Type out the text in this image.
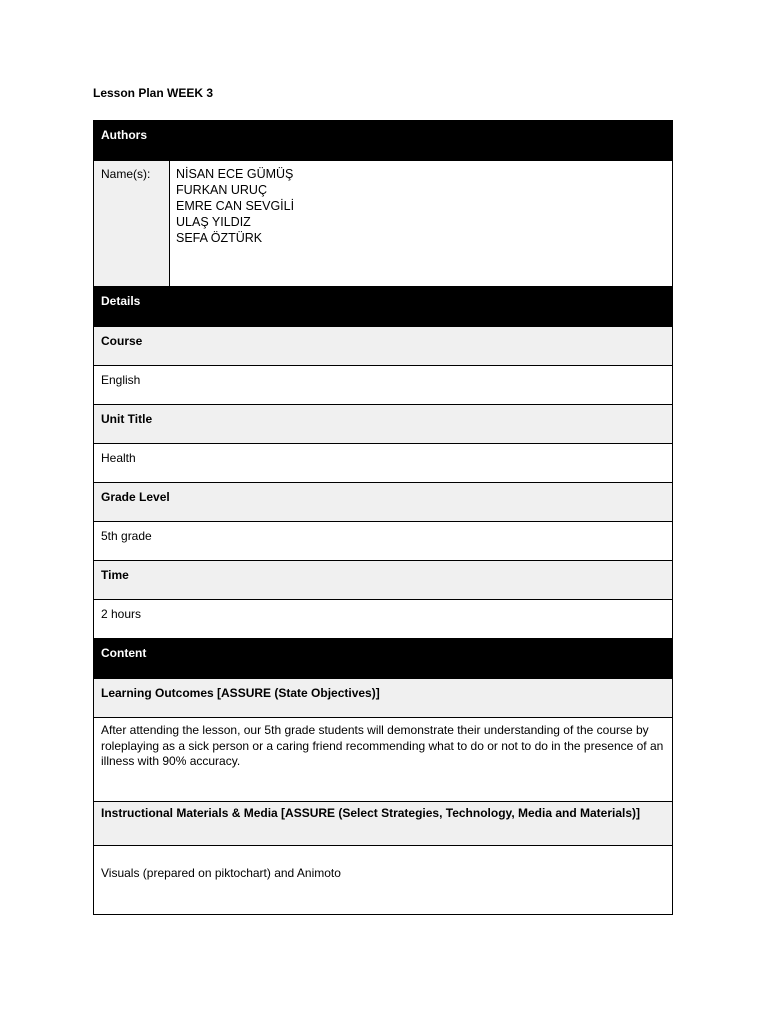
Lesson Plan WEEK 3
Authors
Name(s):	NİSAN ECE GÜMÜŞ
FURKAN URUÇ
EMRE CAN SEVGİLİ
ULAŞ YILDIZ
SEFA ÖZTÜRK
Details
Course
English
Unit Title
Health
Grade Level
5th grade
Time
2 hours
Content
Learning Outcomes [ASSURE (State Objectives)]
After attending the lesson, our 5th grade students will demonstrate their understanding of the course by roleplaying as a sick person or a caring friend recommending what to do or not to do in the presence of an illness with 90% accuracy.
Instructional Materials & Media [ASSURE (Select Strategies, Technology, Media and Materials)]
Visuals (prepared on piktochart) and Animoto
